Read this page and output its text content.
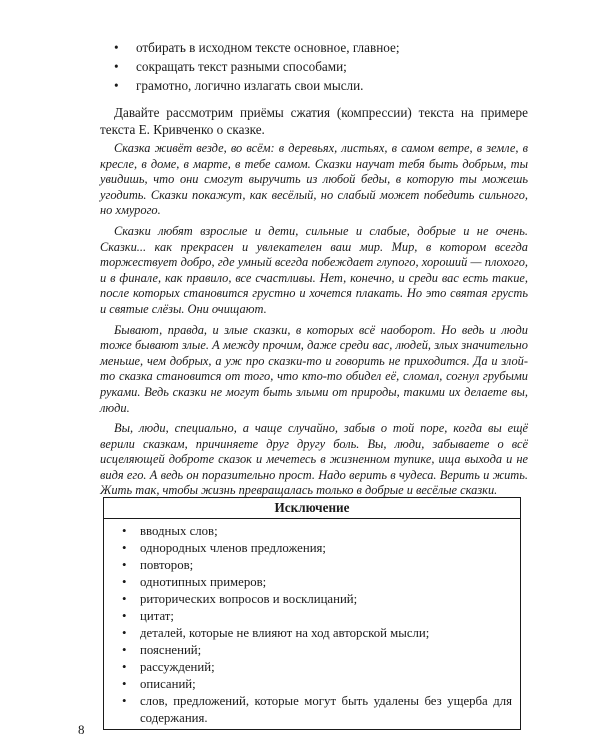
• отбирать в исходном тексте основное, главное;
• сокращать текст разными способами;
• грамотно, логично излагать свои мысли.

Давайте рассмотрим приёмы сжатия (компрессии) текста на примере текста Е. Кривченко о сказке.

Сказка живёт везде, во всём: в деревьях, листьях, в самом ветре, в земле, в кресле, в доме, в марте, в тебе самом. Сказки научат тебя быть добрым, ты увидишь, что они смогут выручить из любой беды, в которую ты можешь угодить. Сказки покажут, как весёлый, но слабый может победить сильного, но хмурого.

Сказки любят взрослые и дети, сильные и слабые, добрые и не очень. Сказки... как прекрасен и увлекателен ваш мир. Мир, в котором всегда торжествует добро, где умный всегда побеждает глупого, хороший — плохого, и в финале, как правило, все счастливы. Нет, конечно, и среди вас есть такие, после которых становится грустно и хочется плакать. Но это святая грусть и святые слёзы. Они очищают.

Бывают, правда, и злые сказки, в которых всё наоборот. Но ведь и люди тоже бывают злые. А между прочим, даже среди вас, людей, злых значительно меньше, чем добрых, а уж про сказки-то и говорить не приходится. Да и злой-то сказка становится от того, что кто-то обидел её, сломал, согнул грубыми руками. Ведь сказки не могут быть злыми от природы, такими их делаете вы, люди.

Вы, люди, специально, а чаще случайно, забыв о той поре, когда вы ещё верили сказкам, причиняете друг другу боль. Вы, люди, забываете о всё исцеляющей доброте сказок и мечетесь в жизненном тупике, ища выхода и не видя его. А ведь он поразительно прост. Надо верить в чудеса. Верить и жить. Жить так, чтобы жизнь превращалась только в добрые и весёлые сказки.

Исключение
• вводных слов;
• однородных членов предложения;
• повторов;
• однотипных примеров;
• риторических вопросов и восклицаний;
• цитат;
• деталей, которые не влияют на ход авторской мысли;
• пояснений;
• рассуждений;
• описаний;
• слов, предложений, которые могут быть удалены без ущерба для содержания.
8
